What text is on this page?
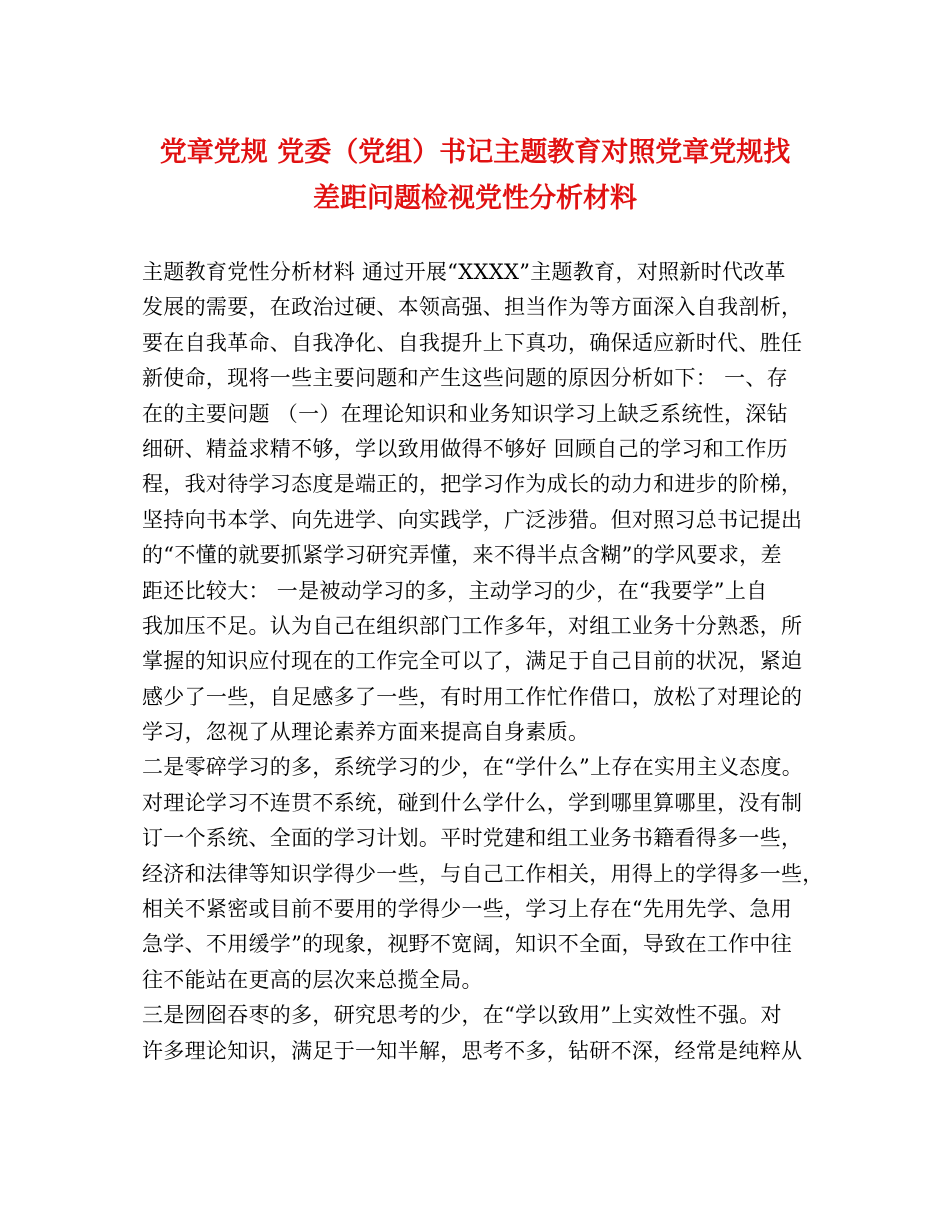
党章党规 党委（党组）书记主题教育对照党章党规找
差距问题检视党性分析材料
主题教育党性分析材料 通过开展“XXXX”主题教育，对照新时代改革
发展的需要，在政治过硬、本领高强、担当作为等方面深入自我剖析，
要在自我革命、自我净化、自我提升上下真功，确保适应新时代、胜任
新使命，现将一些主要问题和产生这些问题的原因分析如下： 一、存
在的主要问题 （一）在理论知识和业务知识学习上缺乏系统性，深钻
细研、精益求精不够，学以致用做得不够好 回顾自己的学习和工作历
程，我对待学习态度是端正的，把学习作为成长的动力和进步的阶梯，
坚持向书本学、向先进学、向实践学，广泛涉猎。但对照习总书记提出
的“不懂的就要抓紧学习研究弄懂，来不得半点含糊”的学风要求，差
距还比较大： 一是被动学习的多，主动学习的少，在“我要学”上自
我加压不足。认为自己在组织部门工作多年，对组工业务十分熟悉，所
掌握的知识应付现在的工作完全可以了，满足于自己目前的状况，紧迫
感少了一些，自足感多了一些，有时用工作忙作借口，放松了对理论的
学习，忽视了从理论素养方面来提高自身素质。
二是零碎学习的多，系统学习的少，在“学什么”上存在实用主义态度。
对理论学习不连贯不系统，碰到什么学什么，学到哪里算哪里，没有制
订一个系统、全面的学习计划。平时党建和组工业务书籍看得多一些，
经济和法律等知识学得少一些，与自己工作相关，用得上的学得多一些，
相关不紧密或目前不要用的学得少一些，学习上存在“先用先学、急用
急学、不用缓学”的现象，视野不宽阔，知识不全面，导致在工作中往
往不能站在更高的层次来总揽全局。
三是囫囵吞枣的多，研究思考的少，在“学以致用”上实效性不强。对
许多理论知识，满足于一知半解，思考不多，钻研不深，经常是纯粹从
